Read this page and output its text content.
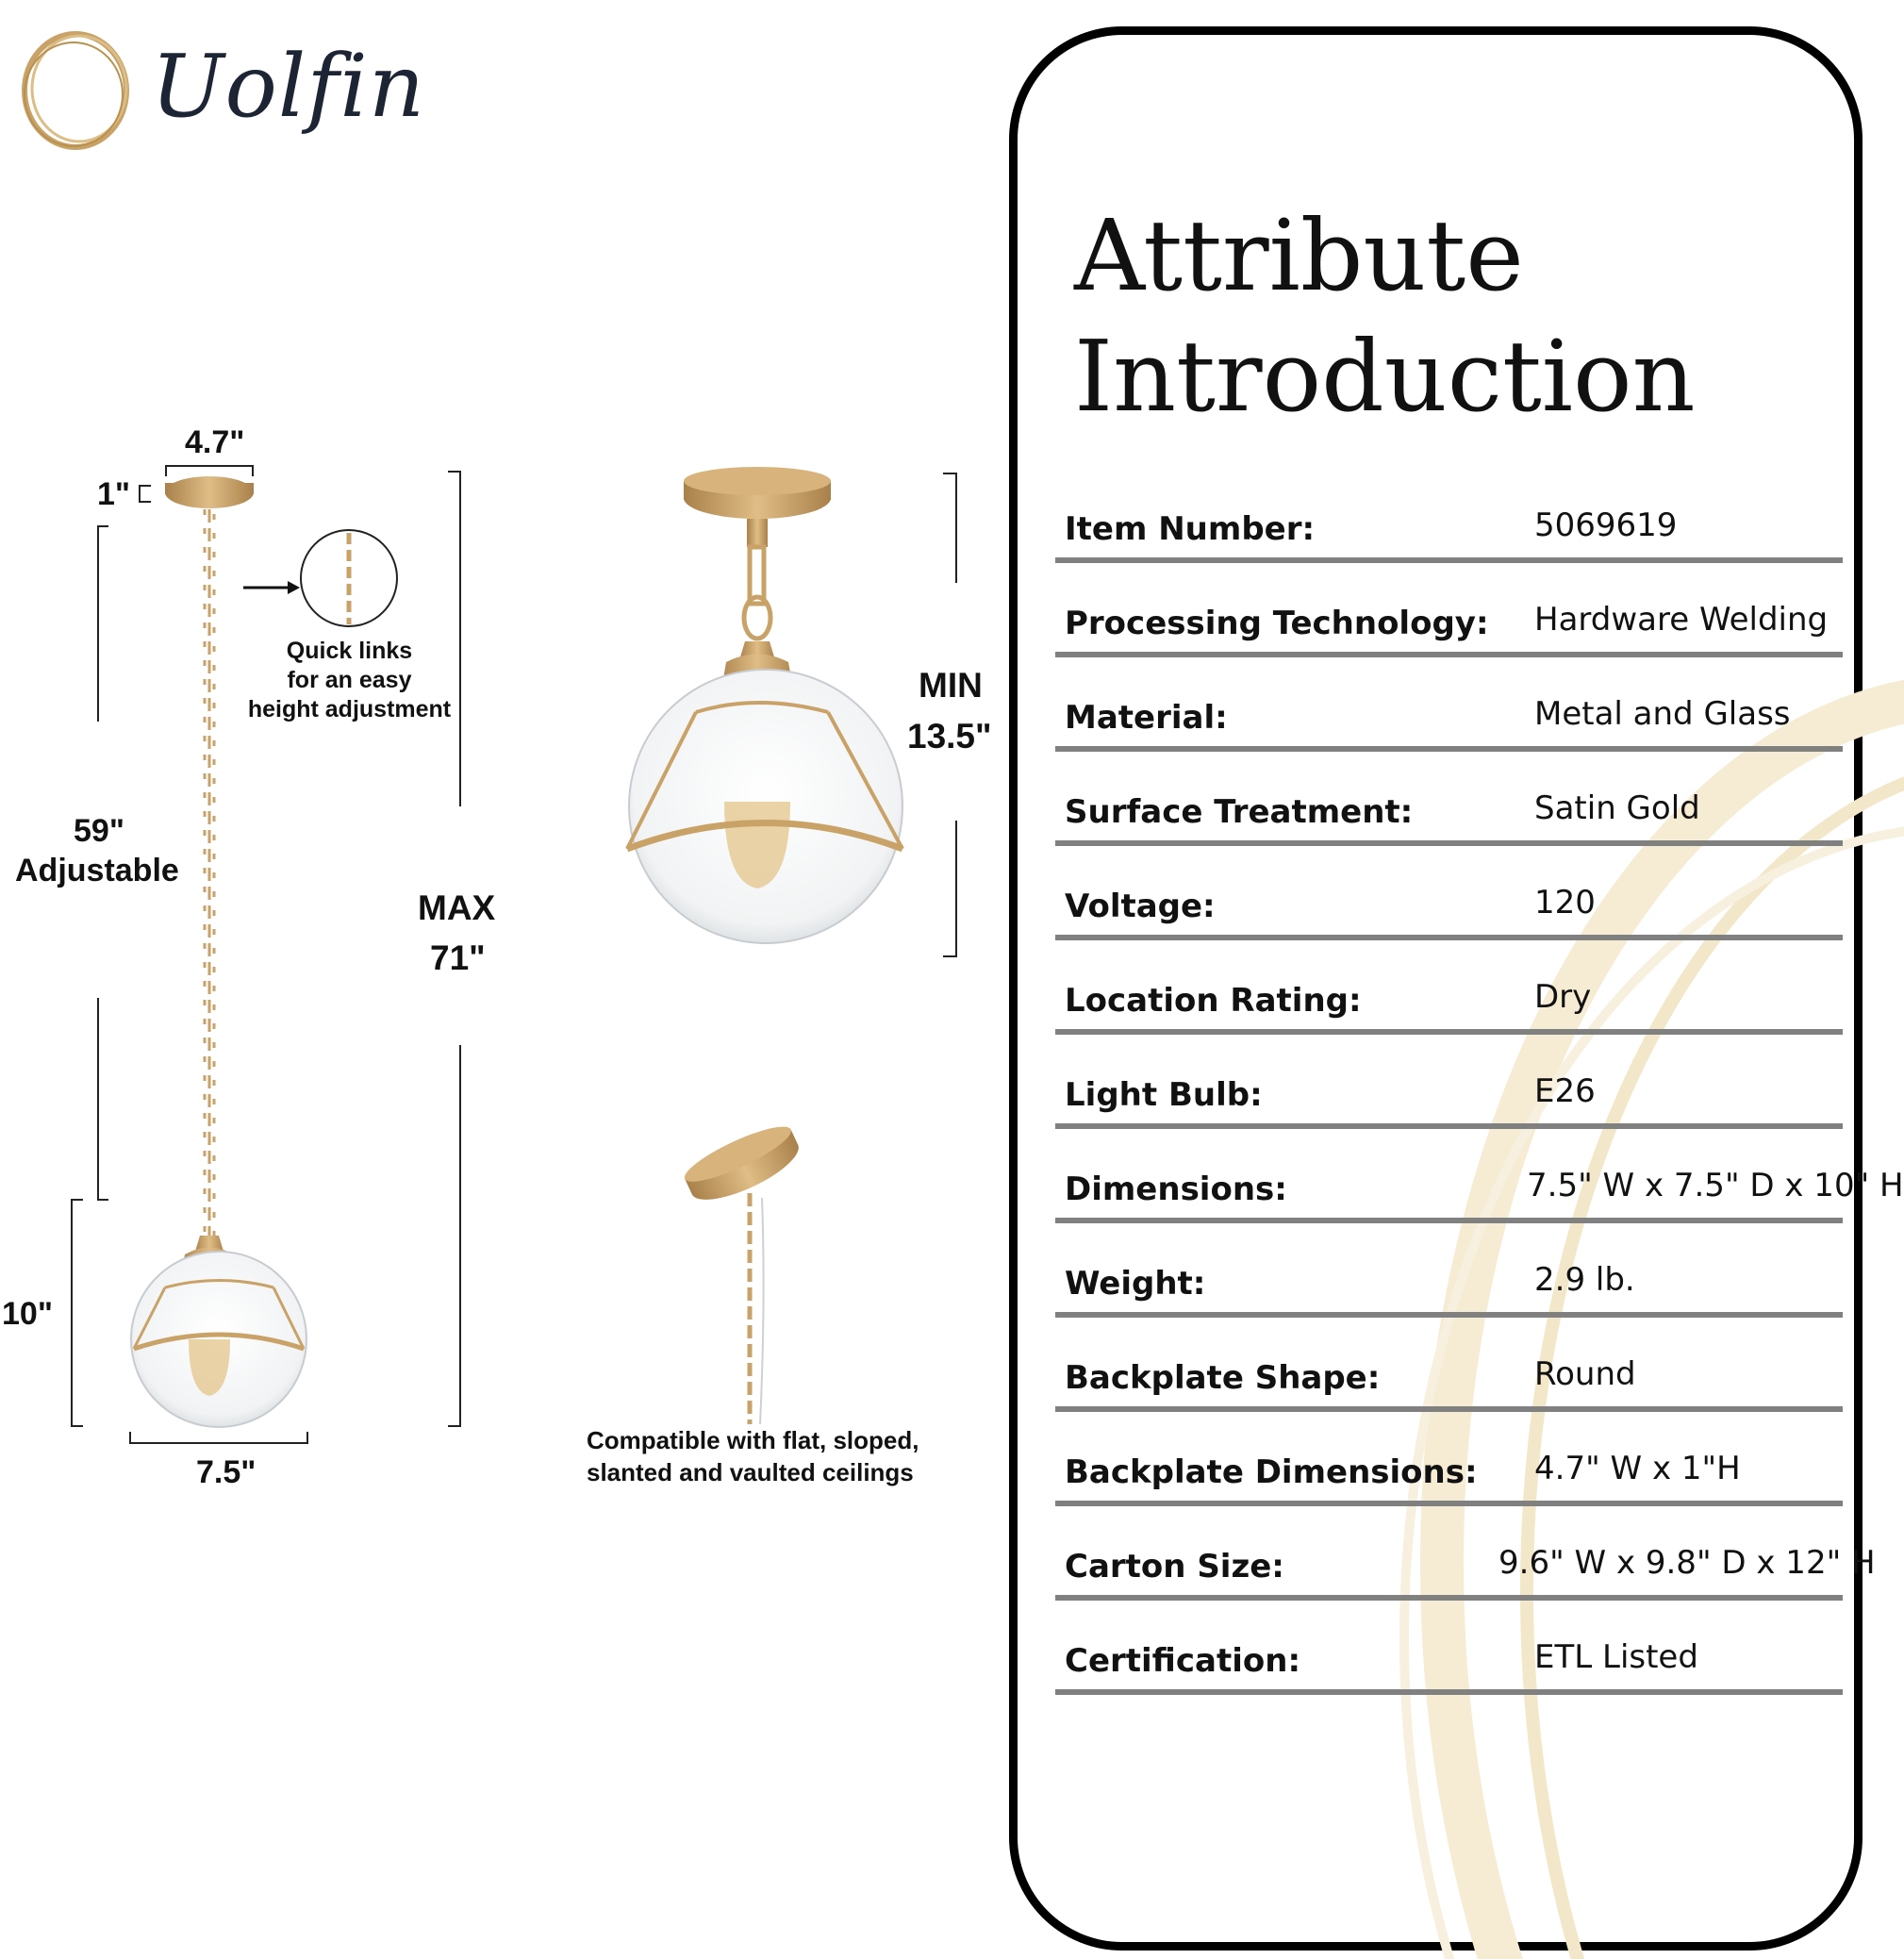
Uolfin
4.7"
1"
59"
Adjustable
10"
7.5"
MAX
71"
MIN
13.5"
Quick links
for an easy
height adjustment
Compatible with flat, sloped,
slanted and vaulted ceilings
Attribute
Introduction
Item Number:	5069619
Processing Technology: Hardware Welding
Material:	Metal and Glass
Surface Treatment:	Satin Gold
Voltage:	120
Location Rating:	Dry
Light Bulb:	E26
Dimensions:	7.5" W x 7.5" D x 10" H
Weight:	2.9 lb.
Backplate Shape:	Round
Backplate Dimensions: 4.7" W x 1"H
Carton Size:	9.6" W x 9.8" D x 12" H
Certification:	ETL Listed
